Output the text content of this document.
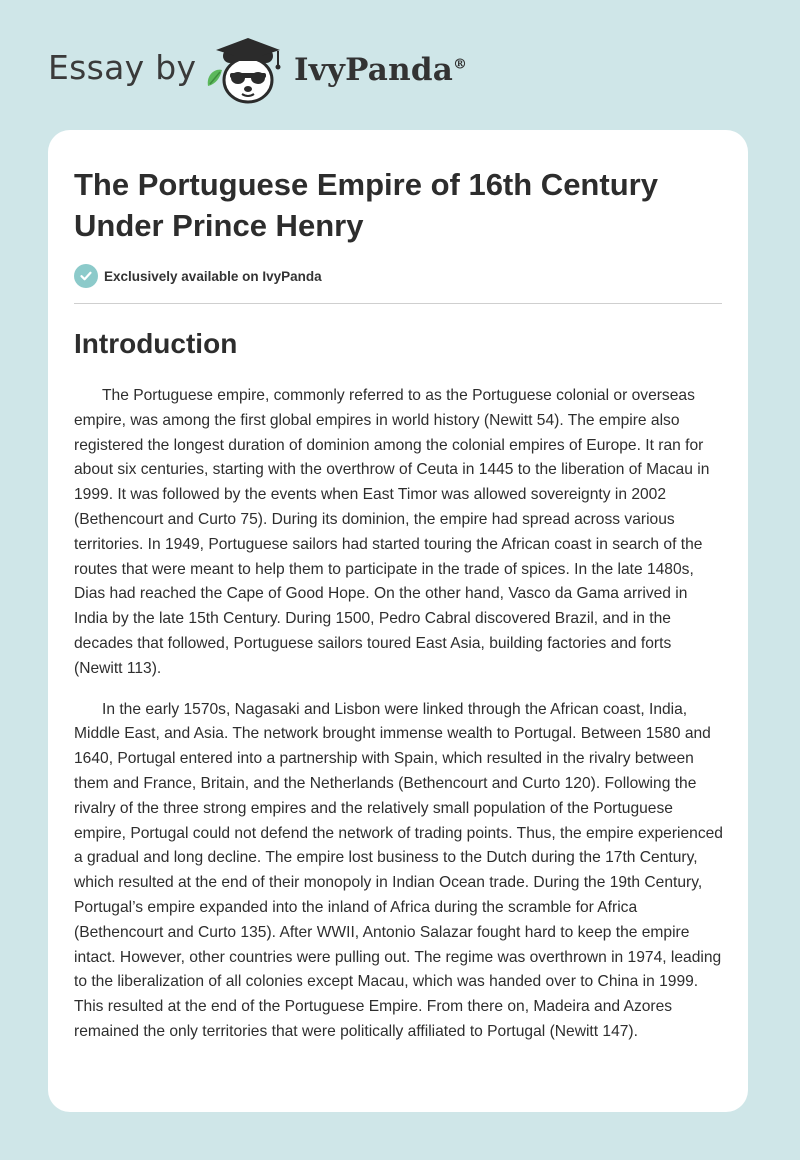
Essay by	IvyPanda®
The Portuguese Empire of 16th Century Under Prince Henry
Exclusively available on IvyPanda
Introduction

The Portuguese empire, commonly referred to as the Portuguese colonial or overseas empire, was among the first global empires in world history (Newitt 54). The empire also registered the longest duration of dominion among the colonial empires of Europe. It ran for about six centuries, starting with the overthrow of Ceuta in 1445 to the liberation of Macau in 1999. It was followed by the events when East Timor was allowed sovereignty in 2002 (Bethencourt and Curto 75). During its dominion, the empire had spread across various territories. In 1949, Portuguese sailors had started touring the African coast in search of the routes that were meant to help them to participate in the trade of spices. In the late 1480s, Dias had reached the Cape of Good Hope. On the other hand, Vasco da Gama arrived in India by the late 15th Century. During 1500, Pedro Cabral discovered Brazil, and in the decades that followed, Portuguese sailors toured East Asia, building factories and forts (Newitt 113).

In the early 1570s, Nagasaki and Lisbon were linked through the African coast, India, Middle East, and Asia. The network brought immense wealth to Portugal. Between 1580 and 1640, Portugal entered into a partnership with Spain, which resulted in the rivalry between them and France, Britain, and the Netherlands (Bethencourt and Curto 120). Following the rivalry of the three strong empires and the relatively small population of the Portuguese empire, Portugal could not defend the network of trading points. Thus, the empire experienced a gradual and long decline. The empire lost business to the Dutch during the 17th Century, which resulted at the end of their monopoly in Indian Ocean trade. During the 19th Century, Portugal’s empire expanded into the inland of Africa during the scramble for Africa (Bethencourt and Curto 135). After WWII, Antonio Salazar fought hard to keep the empire intact. However, other countries were pulling out. The regime was overthrown in 1974, leading to the liberalization of all colonies except Macau, which was handed over to China in 1999. This resulted at the end of the Portuguese Empire. From there on, Madeira and Azores remained the only territories that were politically affiliated to Portugal (Newitt 147).
